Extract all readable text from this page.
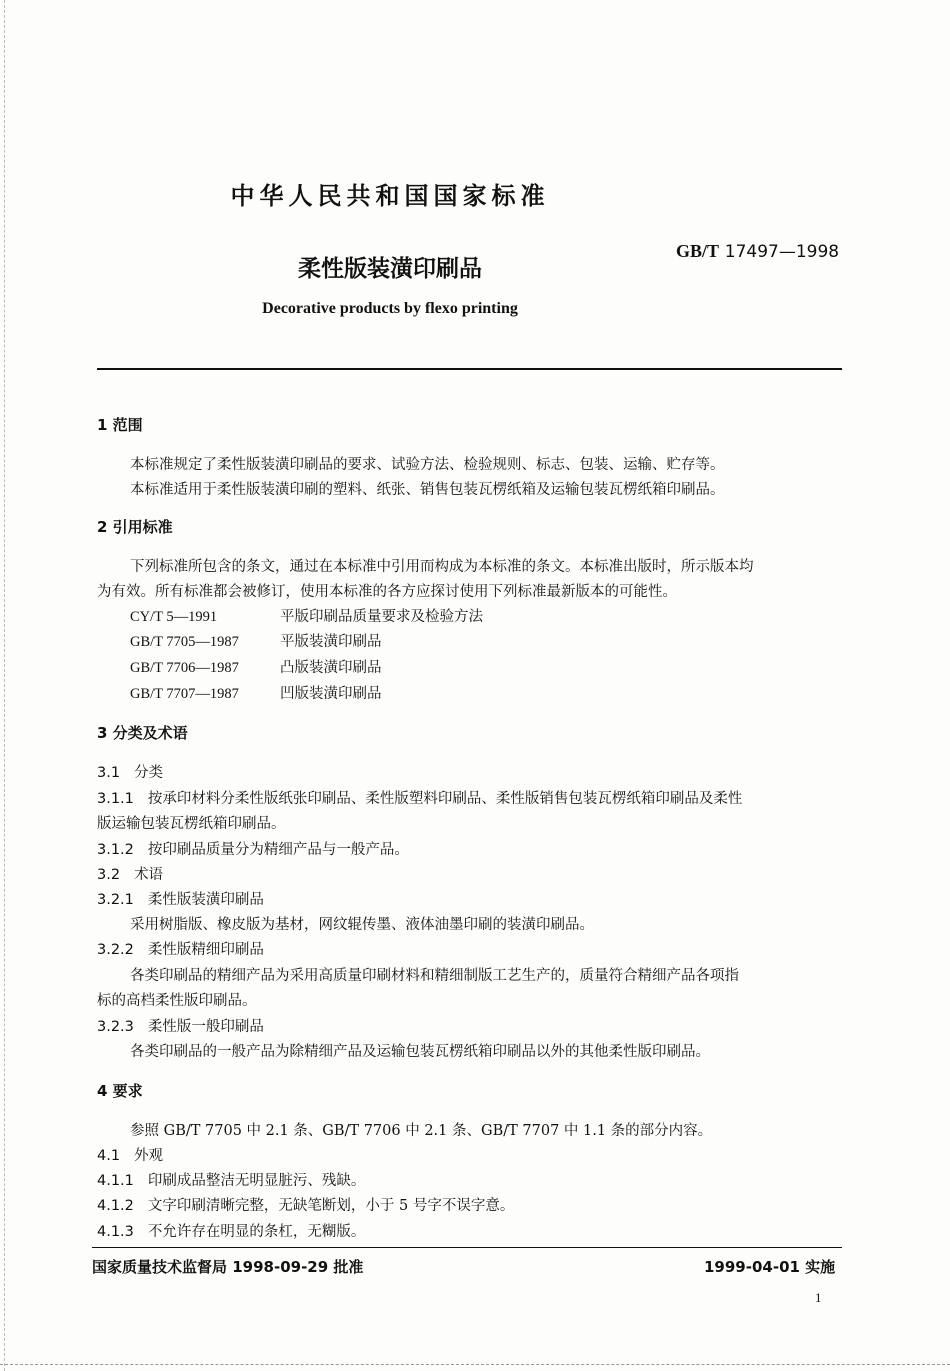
中华人民共和国国家标准
柔性版装潢印刷品
GB/T 17497—1998
Decorative products by flexo printing
1 范围
本标准规定了柔性版装潢印刷品的要求、试验方法、检验规则、标志、包装、运输、贮存等。
本标准适用于柔性版装潢印刷的塑料、纸张、销售包装瓦楞纸箱及运输包装瓦楞纸箱印刷品。
2 引用标准
下列标准所包含的条文，通过在本标准中引用而构成为本标准的条文。本标准出版时，所示版本均
为有效。所有标准都会被修订，使用本标准的各方应探讨使用下列标准最新版本的可能性。
CY/T 5—1991	平版印刷品质量要求及检验方法
GB/T 7705—1987	平版装潢印刷品
GB/T 7706—1987	凸版装潢印刷品
GB/T 7707—1987	凹版装潢印刷品
3 分类及术语
3.1 分类
3.1.1 按承印材料分柔性版纸张印刷品、柔性版塑料印刷品、柔性版销售包装瓦楞纸箱印刷品及柔性
版运输包装瓦楞纸箱印刷品。
3.1.2 按印刷品质量分为精细产品与一般产品。
3.2 术语
3.2.1 柔性版装潢印刷品
采用树脂版、橡皮版为基材，网纹辊传墨、液体油墨印刷的装潢印刷品。
3.2.2 柔性版精细印刷品
各类印刷品的精细产品为采用高质量印刷材料和精细制版工艺生产的，质量符合精细产品各项指
标的高档柔性版印刷品。
3.2.3 柔性版一般印刷品
各类印刷品的一般产品为除精细产品及运输包装瓦楞纸箱印刷品以外的其他柔性版印刷品。
4 要求
参照 GB/T 7705 中 2.1 条、GB/T 7706 中 2.1 条、GB/T 7707 中 1.1 条的部分内容。
4.1 外观
4.1.1 印刷成品整洁无明显脏污、残缺。
4.1.2 文字印刷清晰完整，无缺笔断划，小于 5 号字不误字意。
4.1.3 不允许存在明显的条杠，无糊版。
国家质量技术监督局 1998-09-29 批准	1999-04-01 实施
1
